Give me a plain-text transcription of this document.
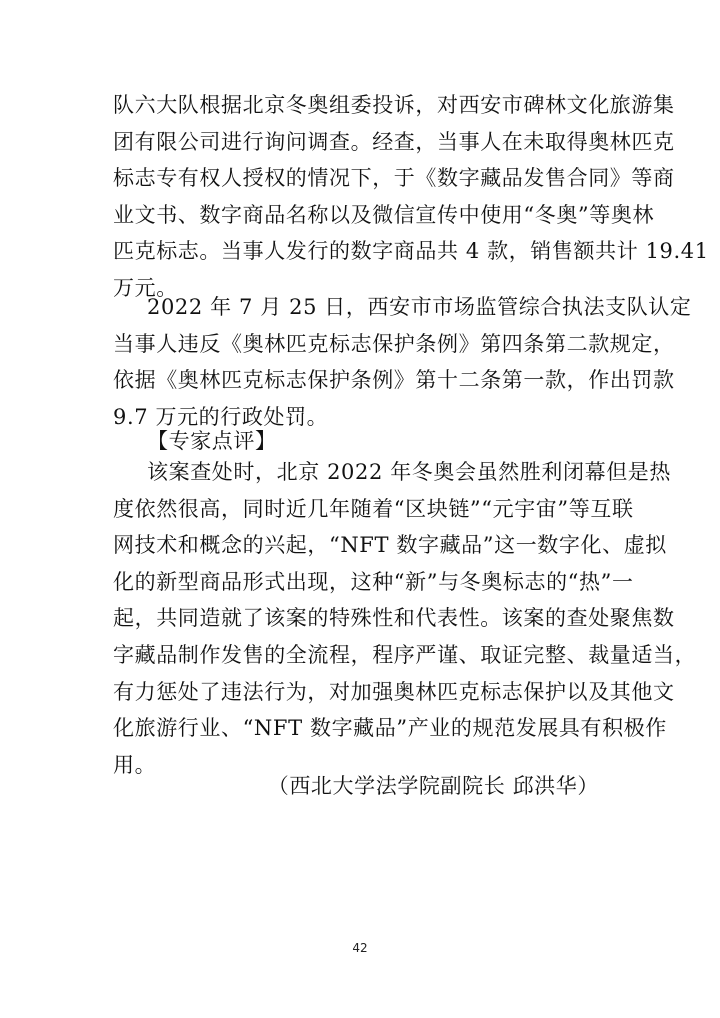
队六大队根据北京冬奥组委投诉，对西安市碑林文化旅游集
团有限公司进行询问调查。经查，当事人在未取得奥林匹克
标志专有权人授权的情况下，于《数字藏品发售合同》等商
业文书、数字商品名称以及微信宣传中使用“冬奥”等奥林
匹克标志。当事人发行的数字商品共 4 款，销售额共计 19.41
万元。
2022 年 7 月 25 日，西安市市场监管综合执法支队认定
当事人违反《奥林匹克标志保护条例》第四条第二款规定，
依据《奥林匹克标志保护条例》第十二条第一款，作出罚款
9.7 万元的行政处罚。
【专家点评】
该案查处时，北京 2022 年冬奥会虽然胜利闭幕但是热
度依然很高，同时近几年随着“区块链”“元宇宙”等互联
网技术和概念的兴起，“NFT 数字藏品”这一数字化、虚拟
化的新型商品形式出现，这种“新”与冬奥标志的“热”一
起，共同造就了该案的特殊性和代表性。该案的查处聚焦数
字藏品制作发售的全流程，程序严谨、取证完整、裁量适当，
有力惩处了违法行为，对加强奥林匹克标志保护以及其他文
化旅游行业、“NFT 数字藏品”产业的规范发展具有积极作
用。
（西北大学法学院副院长 邱洪华）
42
